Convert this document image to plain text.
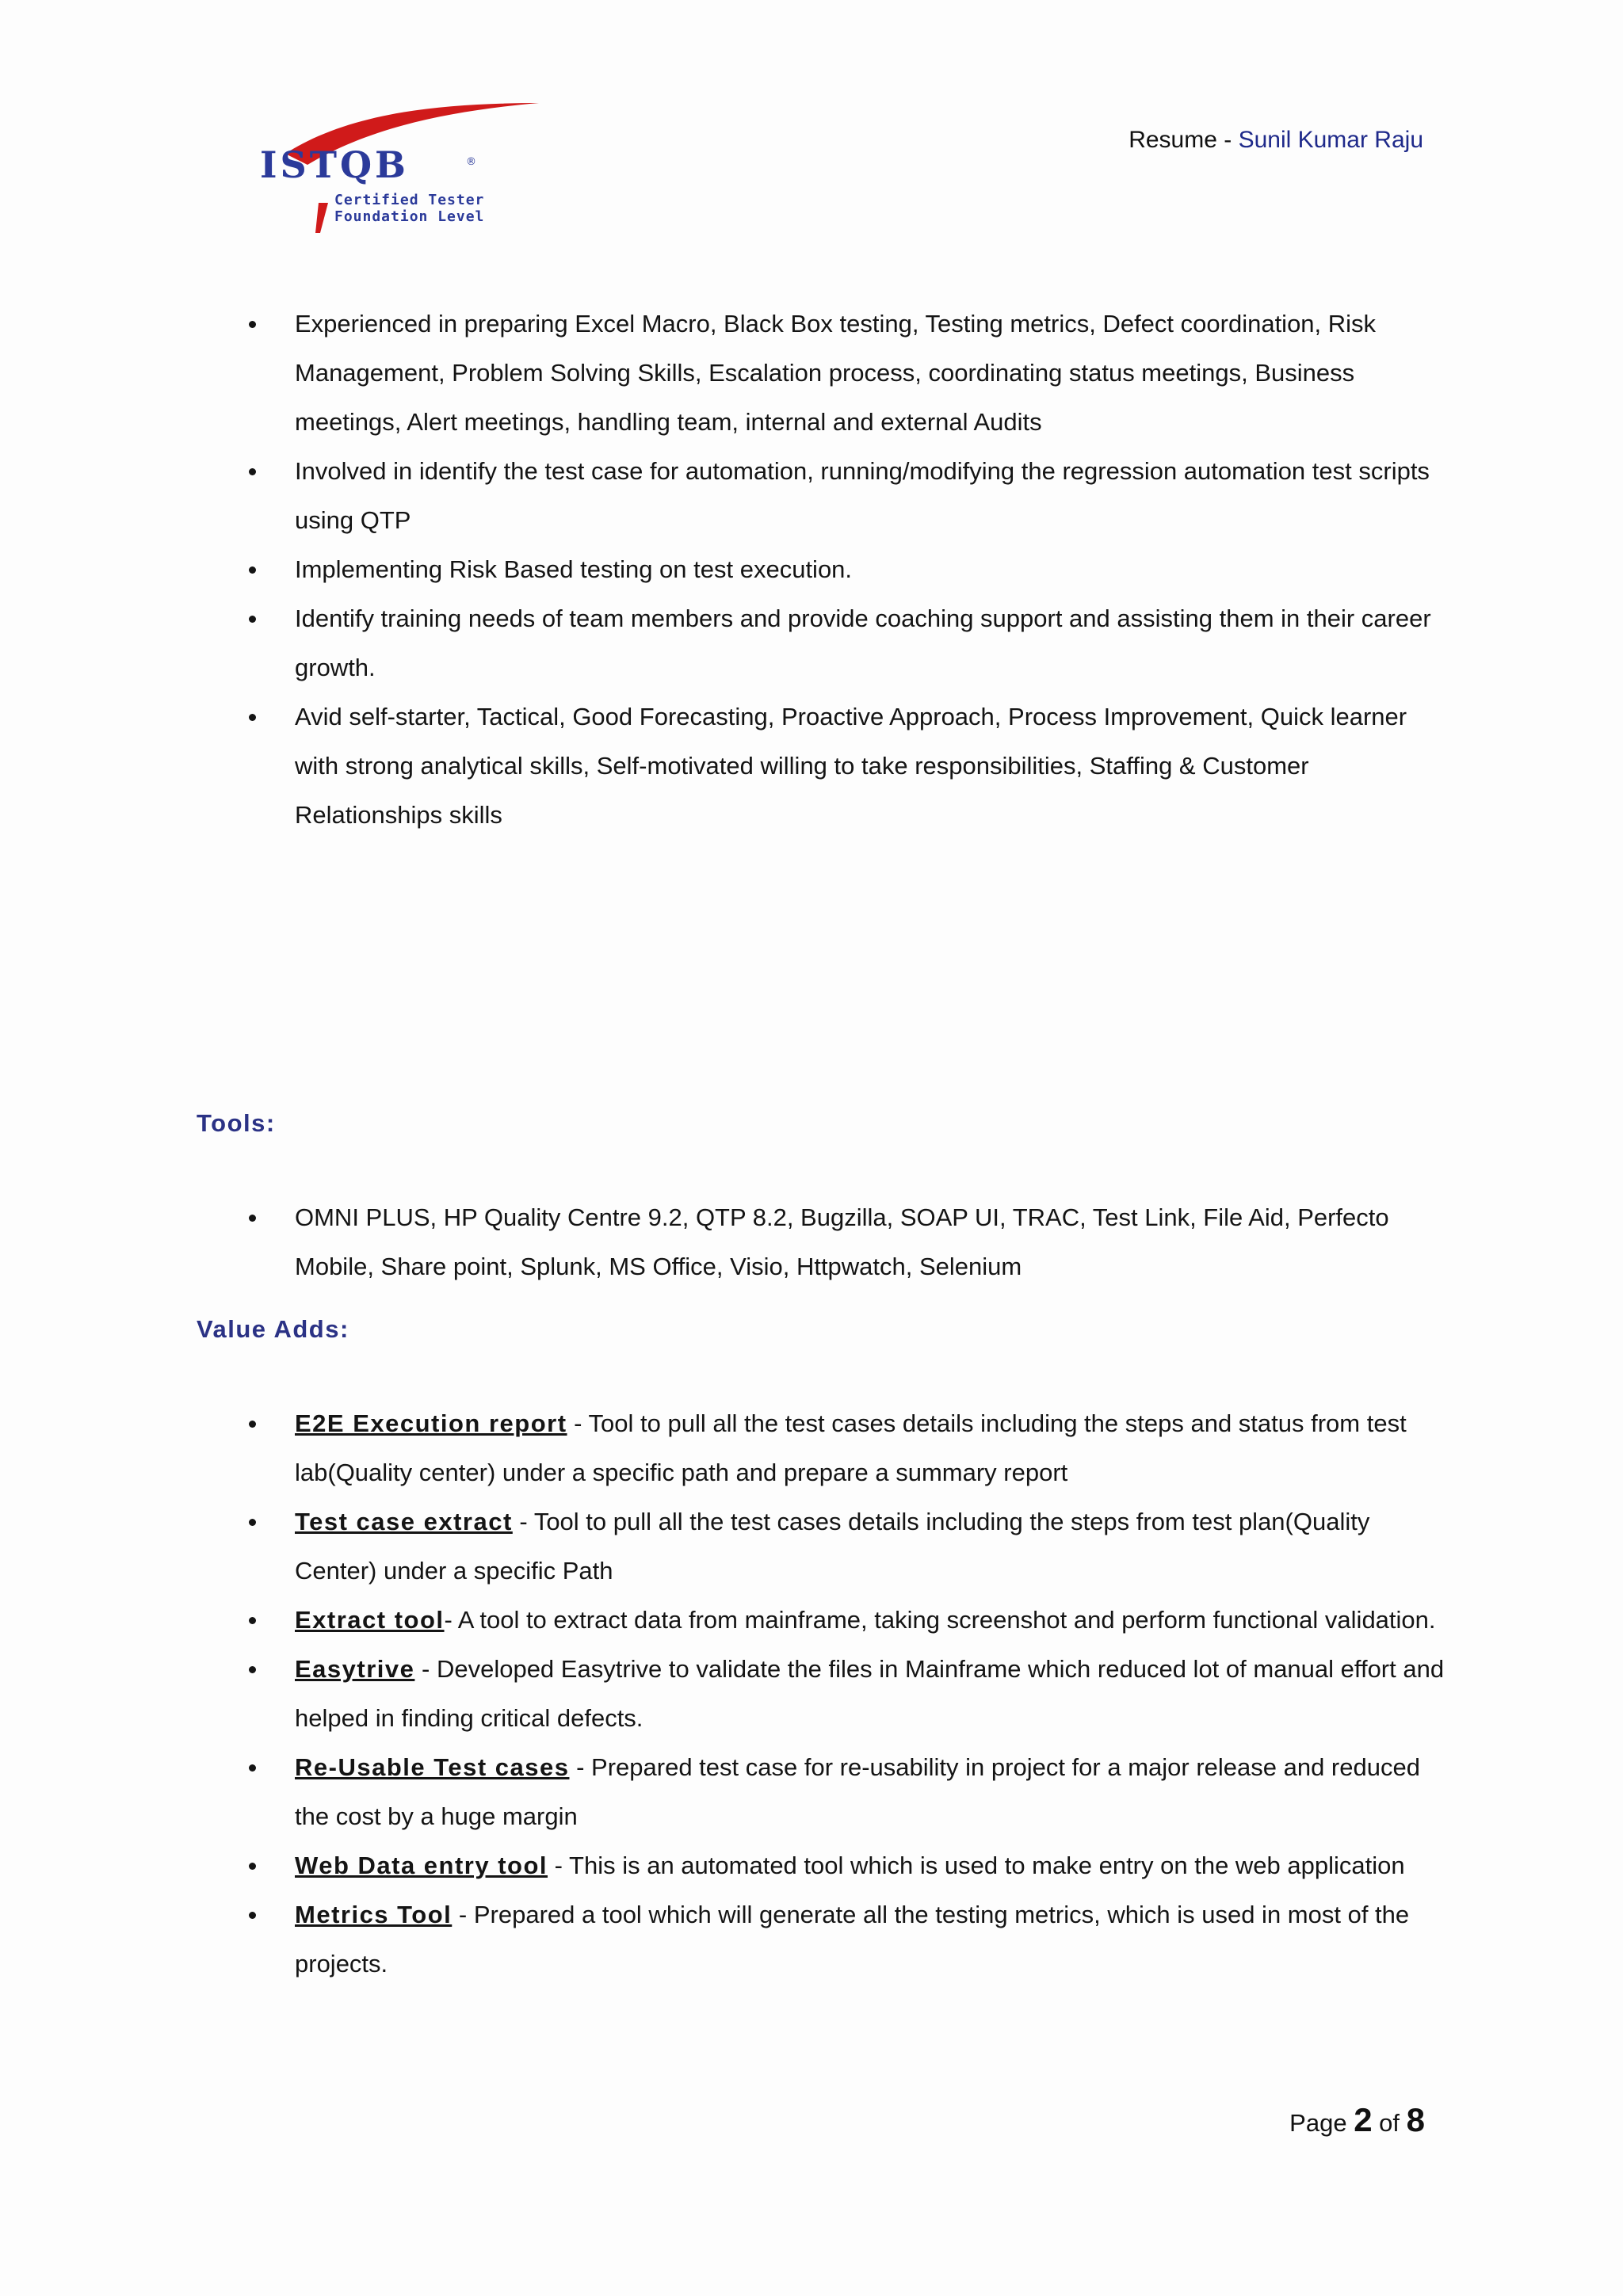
ISTQB	®
Certified Tester
Foundation Level
Resume - Sunil Kumar Raju
Experienced in preparing Excel Macro, Black Box testing, Testing metrics, Defect coordination, Risk Management, Problem Solving Skills, Escalation process, coordinating status meetings, Business meetings, Alert meetings, handling team, internal and external Audits
Involved in identify the test case for automation, running/modifying the regression automation test scripts using QTP
Implementing Risk Based testing on test execution.
Identify training needs of team members and provide coaching support and assisting them in their career growth.
Avid self-starter, Tactical, Good Forecasting, Proactive Approach, Process Improvement, Quick learner with strong analytical skills, Self-motivated willing to take responsibilities, Staffing & Customer Relationships skills
Tools:
OMNI PLUS, HP Quality Centre 9.2, QTP 8.2, Bugzilla, SOAP UI, TRAC, Test Link, File Aid, Perfecto Mobile, Share point, Splunk, MS Office, Visio, Httpwatch, Selenium
Value Adds:
E2E Execution report - Tool to pull all the test cases details including the steps and status from test lab(Quality center) under a specific path and prepare a summary report
Test case extract - Tool to pull all the test cases details including the steps from test plan(Quality Center) under a specific Path
Extract tool- A tool to extract data from mainframe, taking screenshot and perform functional validation.
Easytrive - Developed Easytrive to validate the files in Mainframe which reduced lot of manual effort and helped in finding critical defects.
Re-Usable Test cases - Prepared test case for re-usability in project for a major release and reduced the cost by a huge margin
Web Data entry tool - This is an automated tool which is used to make entry on the web application
Metrics Tool - Prepared a tool which will generate all the testing metrics, which is used in most of the projects.
Page 2 of 8
